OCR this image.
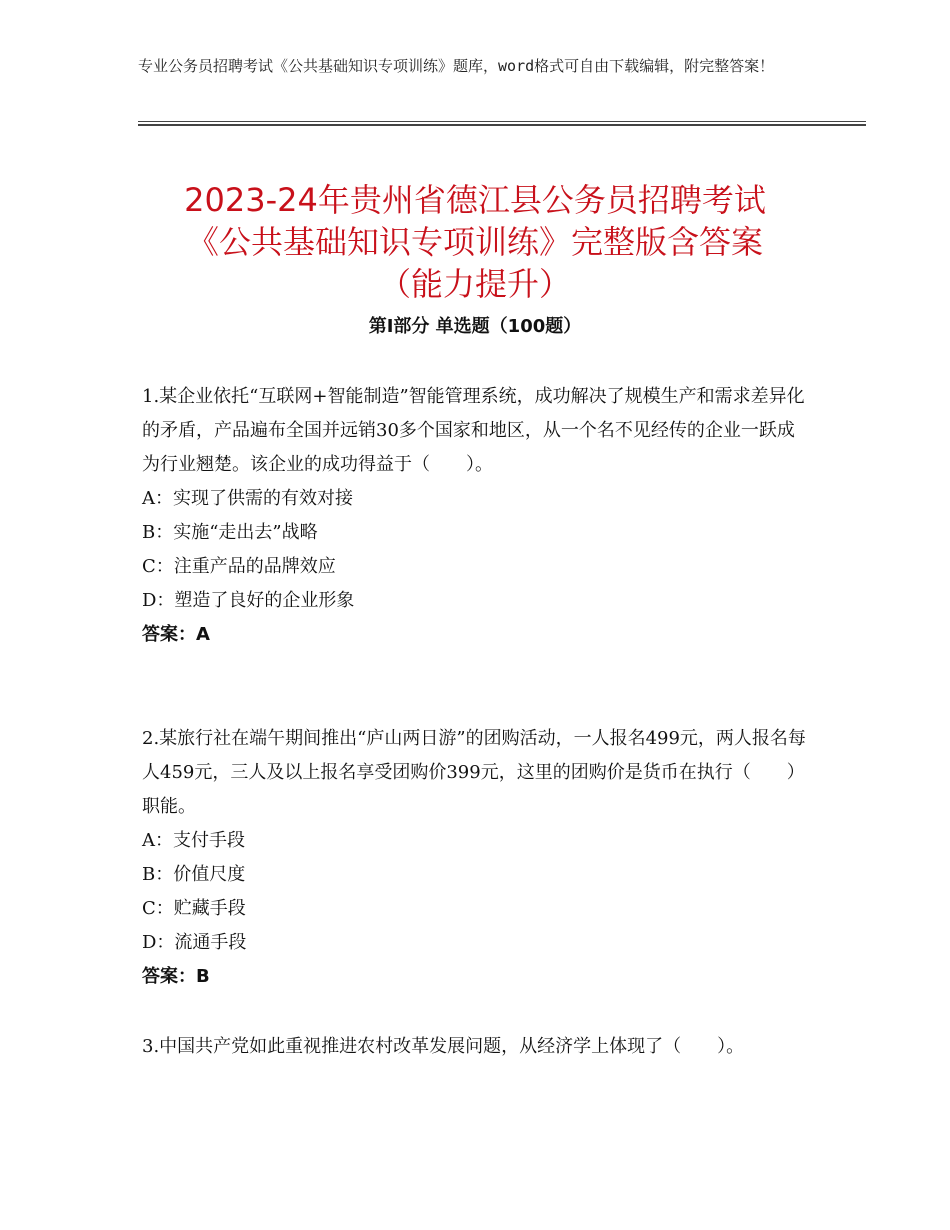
专业公务员招聘考试《公共基础知识专项训练》题库，word格式可自由下载编辑，附完整答案！
2023-24年贵州省德江县公务员招聘考试
《公共基础知识专项训练》完整版含答案
（能力提升）
第Ⅰ部分 单选题（100题）

1.某企业依托“互联网+智能制造”智能管理系统，成功解决了规模生产和需求差异化的矛盾，产品遍布全国并远销30多个国家和地区，从一个名不见经传的企业一跃成为行业翘楚。该企业的成功得益于（　　）。

A：实现了供需的有效对接

B：实施“走出去”战略

C：注重产品的品牌效应

D：塑造了良好的企业形象

答案：A

2.某旅行社在端午期间推出“庐山两日游”的团购活动，一人报名499元，两人报名每人459元，三人及以上报名享受团购价399元，这里的团购价是货币在执行（　　）职能。

A：支付手段

B：价值尺度

C：贮藏手段

D：流通手段

答案：B

3.中国共产党如此重视推进农村改革发展问题，从经济学上体现了（　　）。
